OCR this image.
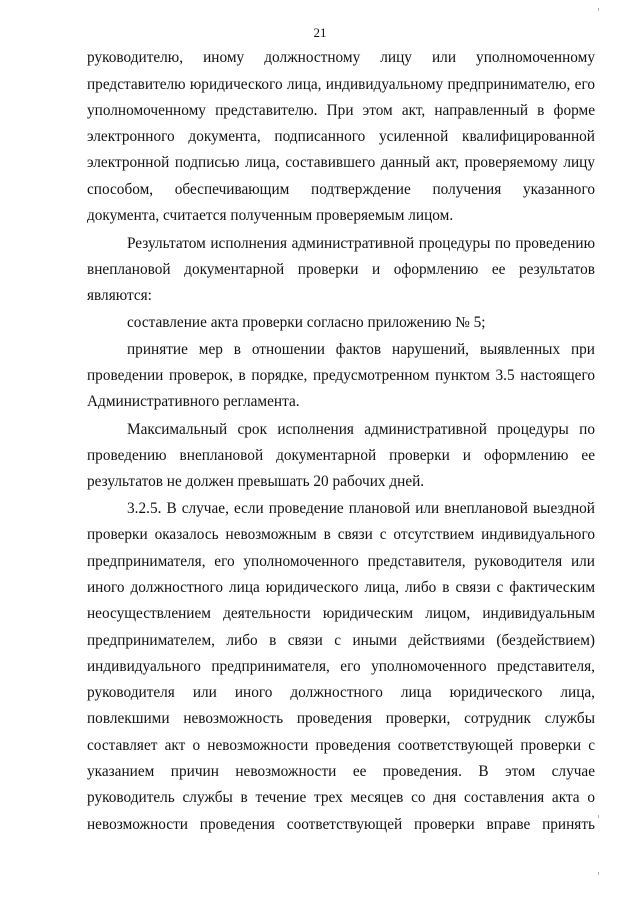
21
руководителю, иному должностному лицу или уполномоченному
представителю юридического лица, индивидуальному предпринимателю, его
уполномоченному представителю. При этом акт, направленный в форме
электронного документа, подписанного усиленной квалифицированной
электронной подписью лица, составившего данный акт, проверяемому лицу
способом, обеспечивающим подтверждение получения указанного
документа, считается полученным проверяемым лицом.
Результатом исполнения административной процедуры по проведению
внеплановой документарной проверки и оформлению ее результатов
являются:
составление акта проверки согласно приложению № 5;
принятие мер в отношении фактов нарушений, выявленных при
проведении проверок, в порядке, предусмотренном пунктом 3.5 настоящего
Административного регламента.
Максимальный срок исполнения административной процедуры по
проведению внеплановой документарной проверки и оформлению ее
результатов не должен превышать 20 рабочих дней.
3.2.5. В случае, если проведение плановой или внеплановой выездной
проверки оказалось невозможным в связи с отсутствием индивидуального
предпринимателя, его уполномоченного представителя, руководителя или
иного должностного лица юридического лица, либо в связи с фактическим
неосуществлением деятельности юридическим лицом, индивидуальным
предпринимателем, либо в связи с иными действиями (бездействием)
индивидуального предпринимателя, его уполномоченного представителя,
руководителя или иного должностного лица юридического лица,
повлекшими невозможность проведения проверки, сотрудник службы
составляет акт о невозможности проведения соответствующей проверки с
указанием причин невозможности ее проведения. В этом случае
руководитель службы в течение трех месяцев со дня составления акта о
невозможности проведения соответствующей проверки вправе принять
